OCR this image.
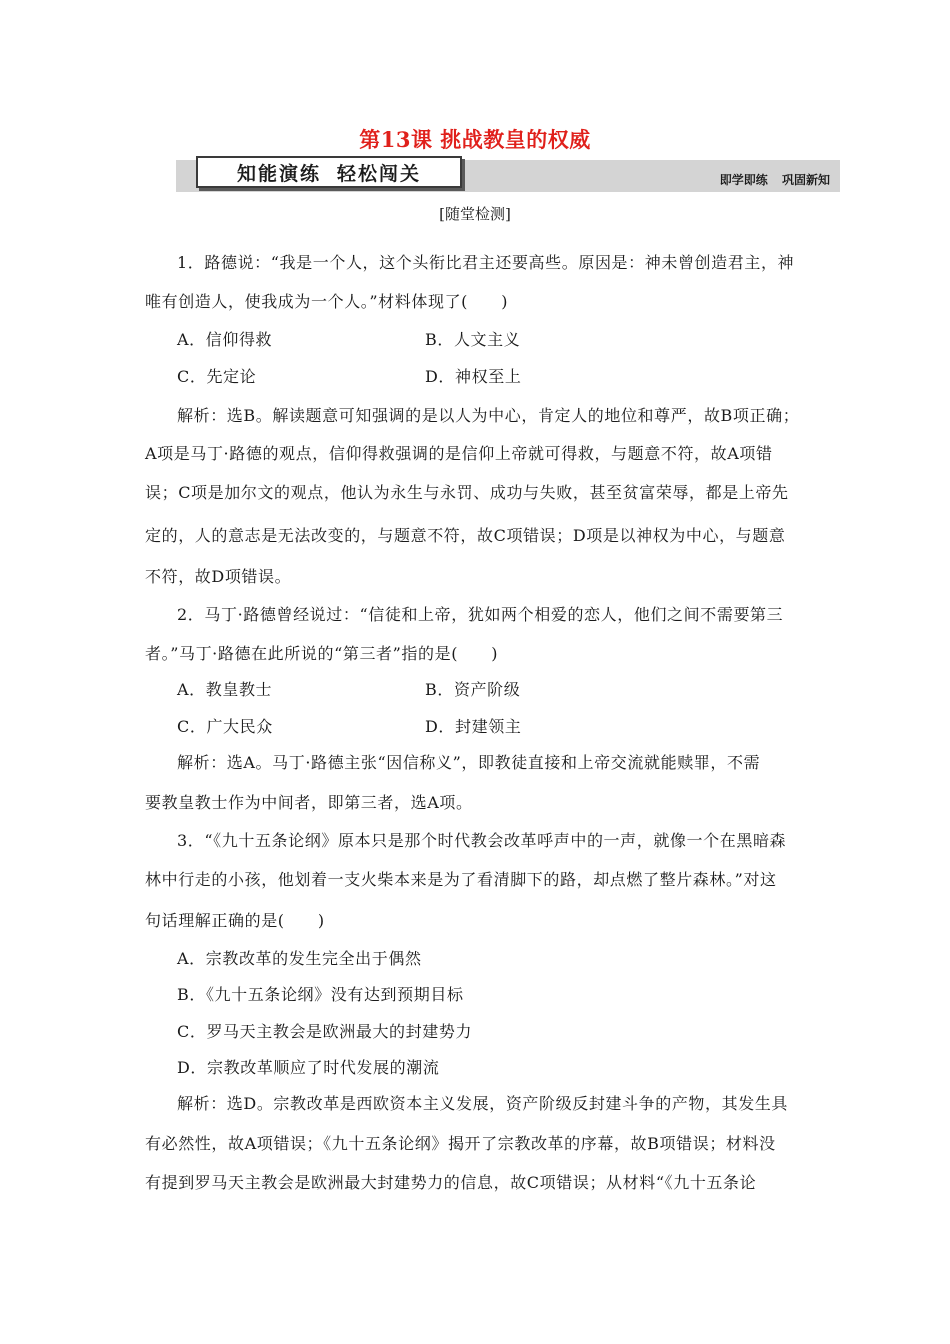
第13课 挑战教皇的权威
知能演练 轻松闯关	即学即练 巩固新知
[随堂检测]
1．路德说：“我是一个人，这个头衔比君主还要高些。原因是：神未曾创造君主，神
唯有创造人，使我成为一个人。”材料体现了(　　)
A．信仰得救	B．人文主义
C．先定论	D．神权至上
解析：选B。解读题意可知强调的是以人为中心，肯定人的地位和尊严，故B项正确；
A项是马丁·路德的观点，信仰得救强调的是信仰上帝就可得救，与题意不符，故A项错
误；C项是加尔文的观点，他认为永生与永罚、成功与失败，甚至贫富荣辱，都是上帝先
定的，人的意志是无法改变的，与题意不符，故C项错误；D项是以神权为中心，与题意
不符，故D项错误。
2．马丁·路德曾经说过：“信徒和上帝，犹如两个相爱的恋人，他们之间不需要第三
者。”马丁·路德在此所说的“第三者”指的是(　　)
A．教皇教士	B．资产阶级
C．广大民众	D．封建领主
解析：选A。马丁·路德主张“因信称义”，即教徒直接和上帝交流就能赎罪，不需
要教皇教士作为中间者，即第三者，选A项。
3．“《九十五条论纲》原本只是那个时代教会改革呼声中的一声，就像一个在黑暗森
林中行走的小孩，他划着一支火柴本来是为了看清脚下的路，却点燃了整片森林。”对这
句话理解正确的是(　　)
A．宗教改革的发生完全出于偶然
B．《九十五条论纲》没有达到预期目标
C．罗马天主教会是欧洲最大的封建势力
D．宗教改革顺应了时代发展的潮流
解析：选D。宗教改革是西欧资本主义发展，资产阶级反封建斗争的产物，其发生具
有必然性，故A项错误；《九十五条论纲》揭开了宗教改革的序幕，故B项错误；材料没
有提到罗马天主教会是欧洲最大封建势力的信息，故C项错误；从材料“《九十五条论
